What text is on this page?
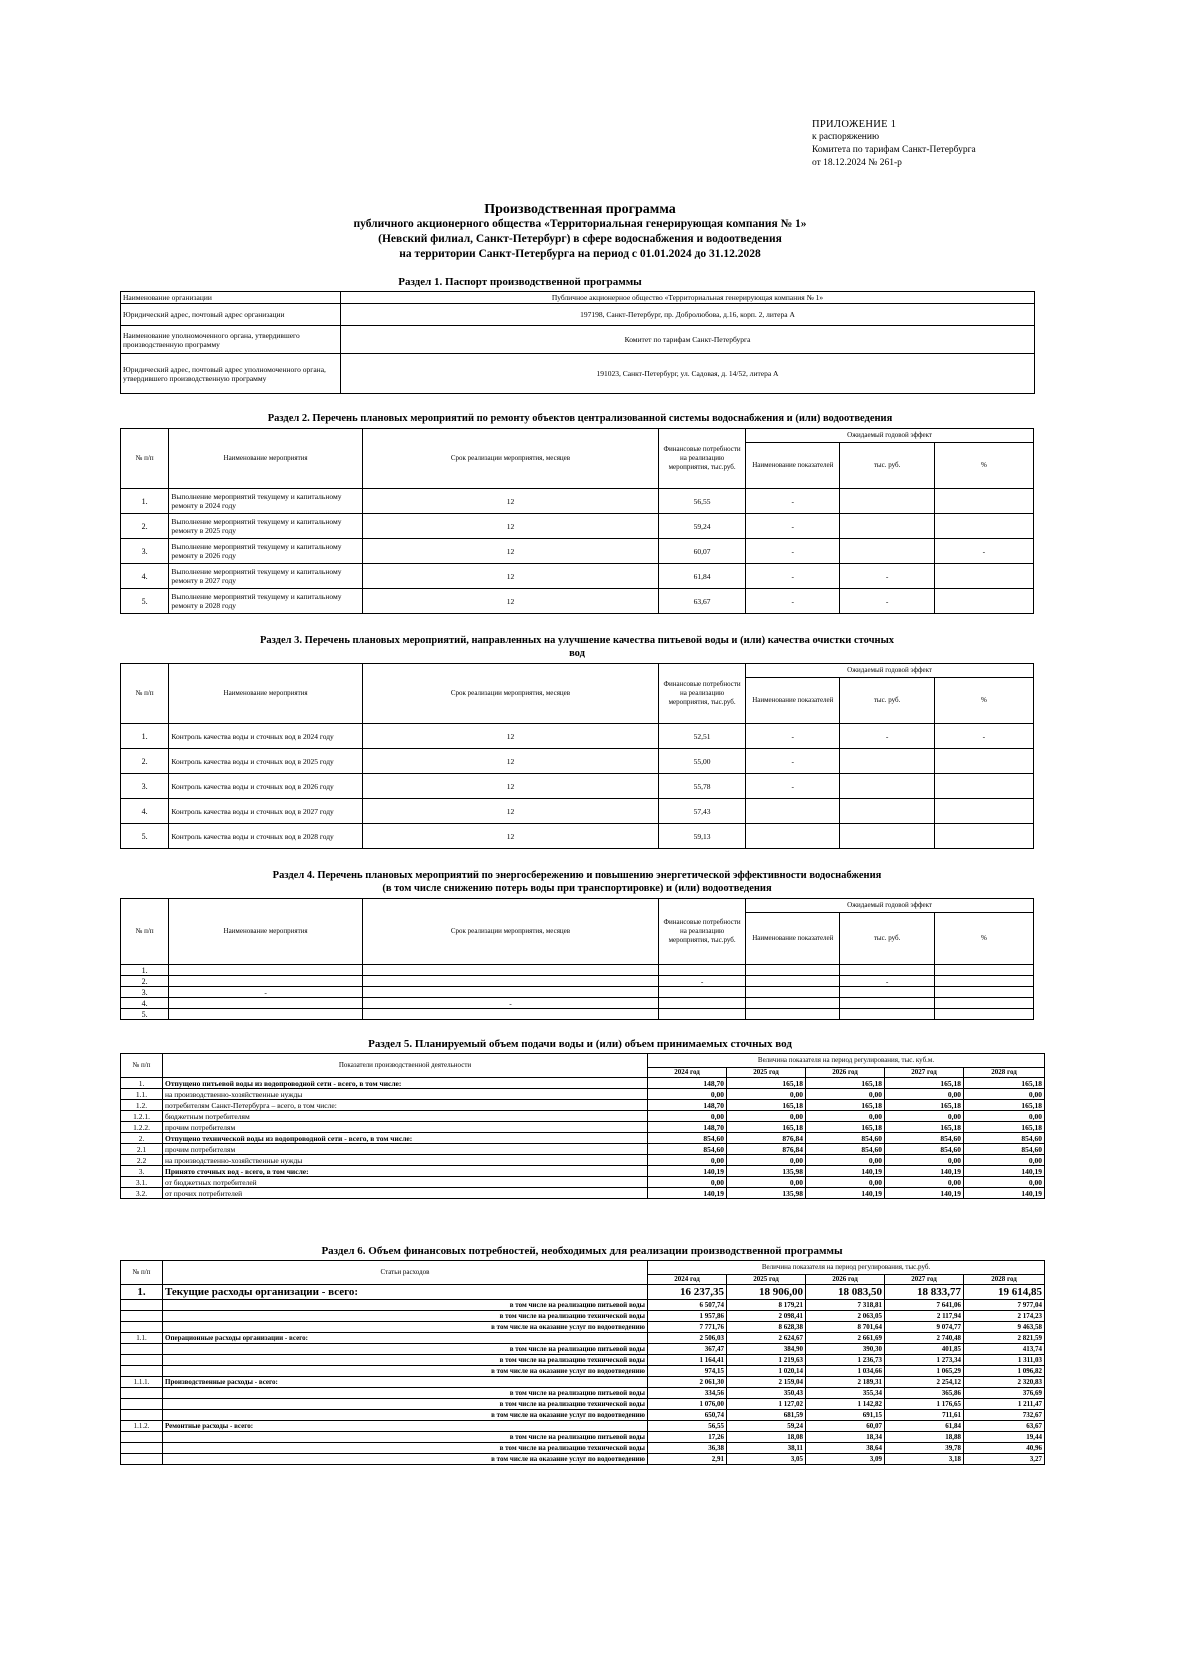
ПРИЛОЖЕНИЕ 1
к распоряжению
Комитета по тарифам Санкт-Петербурга
от 18.12.2024 № 261-р
Производственная программа
публичного акционерного общества «Территориальная генерирующая компания № 1»
(Невский филиал, Санкт-Петербург) в сфере водоснабжения и водоотведения
на территории Санкт-Петербурга на период с 01.01.2024 до 31.12.2028
Раздел 1. Паспорт производственной программы
Наименование организации	Публичное акционерное общество «Территориальная генерирующая компания № 1»
Юридический адрес, почтовый адрес организации	197198, Санкт-Петербург, пр. Добролюбова, д.16, корп. 2, литера А
Наименование уполномоченного органа, утвердившего производственную программу	Комитет по тарифам Санкт-Петербурга
Юридический адрес, почтовый адрес уполномоченного органа, утвердившего производственную программу	191023, Санкт-Петербург, ул. Садовая, д. 14/52, литера А
Раздел 2. Перечень плановых мероприятий по ремонту объектов централизованной системы водоснабжения и (или) водоотведения
№ п/п	Наименование мероприятия	Срок реализации мероприятия, месяцев	Финансовые потребности на реализацию мероприятия, тыс.руб.	Ожидаемый годовой эффект		
				Наименование показателей	тыс. руб.	%
1.	Выполнение мероприятий текущему и капитальному ремонту в 2024 году	12	56,55	-		
2.	Выполнение мероприятий текущему и капитальному ремонту в 2025 году	12	59,24	-		
3.	Выполнение мероприятий текущему и капитальному ремонту в 2026 году	12	60,07	-		-
4.	Выполнение мероприятий текущему и капитальному ремонту в 2027 году	12	61,84	-	-	
5.	Выполнение мероприятий текущему и капитальному ремонту в 2028 году	12	63,67	-	-	
Раздел 3. Перечень плановых мероприятий, направленных на улучшение качества питьевой воды и (или) качества очистки сточных
вод
№ п/п	Наименование мероприятия	Срок реализации мероприятия, месяцев	Финансовые потребности на реализацию мероприятия, тыс.руб.	Ожидаемый годовой эффект		
				Наименование показателей	тыс. руб.	%
1.	Контроль качества воды и сточных вод в 2024 году	12	52,51	-	-	-
2.	Контроль качества воды и сточных вод в 2025 году	12	55,00	-		
3.	Контроль качества воды и сточных вод в 2026 году	12	55,78	-		
4.	Контроль качества воды и сточных вод в 2027 году	12	57,43			
5.	Контроль качества воды и сточных вод в 2028 году	12	59,13			
Раздел 4. Перечень плановых мероприятий по энергосбережению и повышению энергетической эффективности водоснабжения
(в том числе снижению потерь воды при транспортировке) и (или) водоотведения
№ п/п	Наименование мероприятия	Срок реализации мероприятия, месяцев	Финансовые потребности на реализацию мероприятия, тыс.руб.	Ожидаемый годовой эффект		
				Наименование показателей	тыс. руб.	%
1.						
2.			-		-	
3.	-					
4.		-				
5.						
Раздел 5. Планируемый объем подачи воды и (или) объем принимаемых сточных вод
№ п/п	Показатели производственной деятельности	Величина показателя на период регулирования, тыс. куб.м.				
		2024 год	2025 год	2026 год	2027 год	2028 год
1.	Отпущено питьевой воды из водопроводной сети - всего, в том числе:	148,70	165,18	165,18	165,18	165,18
1.1.	на производственно-хозяйственные нужды	0,00	0,00	0,00	0,00	0,00
1.2.	потребителям Санкт-Петербурга – всего, в том числе:	148,70	165,18	165,18	165,18	165,18
1.2.1.	бюджетным потребителям	0,00	0,00	0,00	0,00	0,00
1.2.2.	прочим потребителям	148,70	165,18	165,18	165,18	165,18
2.	Отпущено технической воды из водопроводной сети - всего, в том числе:	854,60	876,84	854,60	854,60	854,60
2.1	прочим потребителям	854,60	876,84	854,60	854,60	854,60
2.2	на производственно-хозяйственные нужды	0,00	0,00	0,00	0,00	0,00
3.	Принято сточных вод - всего, в том числе:	140,19	135,98	140,19	140,19	140,19
3.1.	от бюджетных потребителей	0,00	0,00	0,00	0,00	0,00
3.2.	от прочих потребителей	140,19	135,98	140,19	140,19	140,19
Раздел 6. Объем финансовых потребностей, необходимых для реализации производственной программы
№ п/п	Статьи расходов	Величина показателя на период регулирования, тыс.руб.				
		2024 год	2025 год	2026 год	2027 год	2028 год
1.	Текущие расходы организации - всего:	16 237,35	18 906,00	18 083,50	18 833,77	19 614,85
	в том числе на реализацию питьевой воды	6 507,74	8 179,21	7 318,81	7 641,06	7 977,04
	в том числе на реализацию технической воды	1 957,86	2 098,41	2 063,05	2 117,94	2 174,23
	в том числе на оказание услуг по водоотведению	7 771,76	8 628,38	8 701,64	9 074,77	9 463,58
1.1.	Операционные расходы организации - всего:	2 506,03	2 624,67	2 661,69	2 740,48	2 821,59
	в том числе на реализацию питьевой воды	367,47	384,90	390,30	401,85	413,74
	в том числе на реализацию технической воды	1 164,41	1 219,63	1 236,73	1 273,34	1 311,03
	в том числе на оказание услуг по водоотведению	974,15	1 020,14	1 034,66	1 065,29	1 096,82
1.1.1.	Производственные расходы - всего:	2 061,30	2 159,04	2 189,31	2 254,12	2 320,83
	в том числе на реализацию питьевой воды	334,56	350,43	355,34	365,86	376,69
	в том числе на реализацию технической воды	1 076,00	1 127,02	1 142,82	1 176,65	1 211,47
	в том числе на оказание услуг по водоотведению	650,74	681,59	691,15	711,61	732,67
1.1.2.	Ремонтные расходы - всего:	56,55	59,24	60,07	61,84	63,67
	в том числе на реализацию питьевой воды	17,26	18,08	18,34	18,88	19,44
	в том числе на реализацию технической воды	36,38	38,11	38,64	39,78	40,96
	в том числе на оказание услуг по водоотведению	2,91	3,05	3,09	3,18	3,27
